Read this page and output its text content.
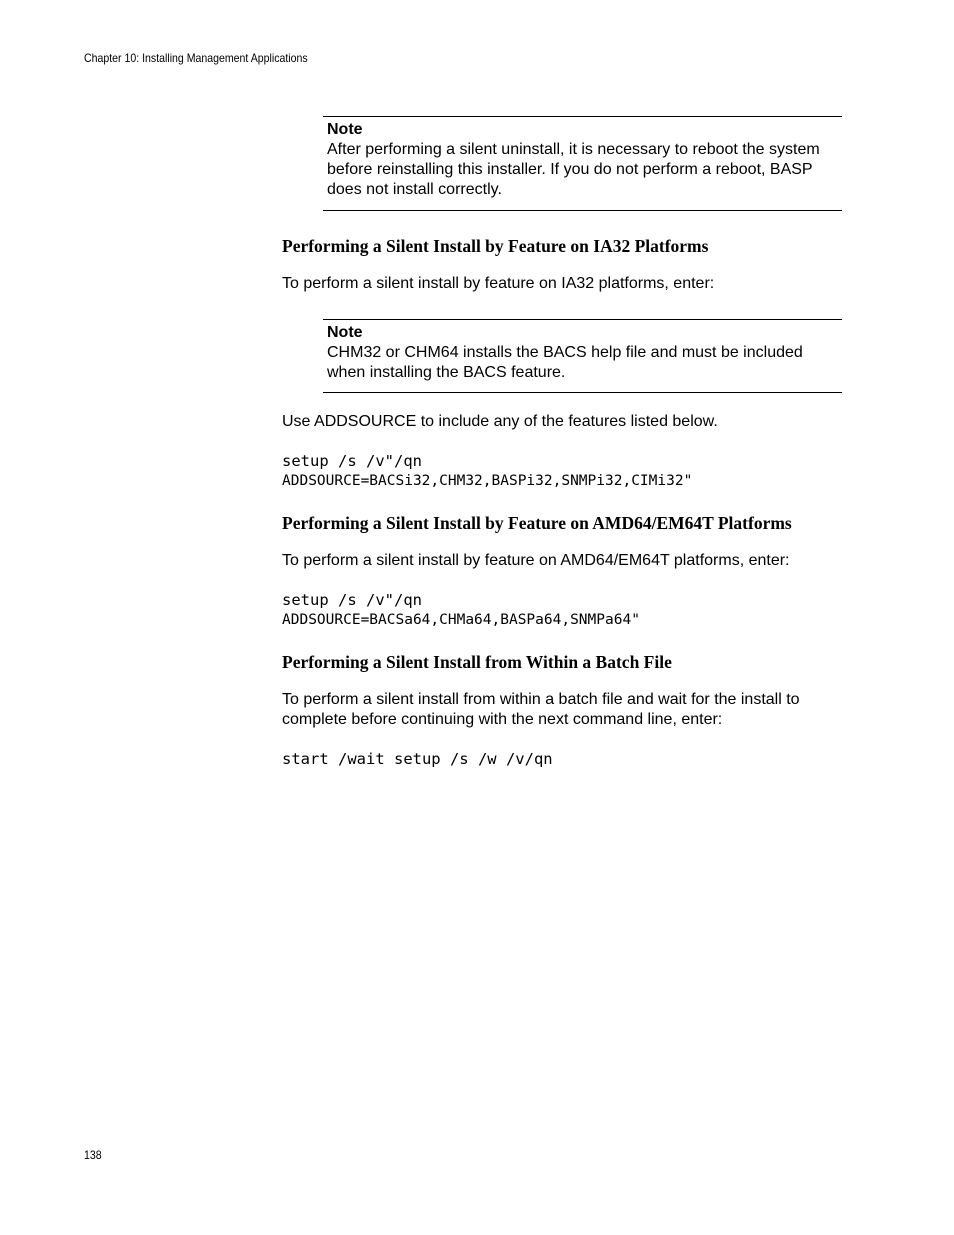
Chapter 10: Installing Management Applications
Note
After performing a silent uninstall, it is necessary to reboot the system before reinstalling this installer. If you do not perform a reboot, BASP does not install correctly.
Performing a Silent Install by Feature on IA32 Platforms
To perform a silent install by feature on IA32 platforms, enter:
Note
CHM32 or CHM64 installs the BACS help file and must be included when installing the BACS feature.
Use ADDSOURCE to include any of the features listed below.
setup /s /v"/qn
ADDSOURCE=BACSi32,CHM32,BASPi32,SNMPi32,CIMi32"
Performing a Silent Install by Feature on AMD64/EM64T Platforms
To perform a silent install by feature on AMD64/EM64T platforms, enter:
setup /s /v"/qn
ADDSOURCE=BACSa64,CHMa64,BASPa64,SNMPa64"
Performing a Silent Install from Within a Batch File
To perform a silent install from within a batch file and wait for the install to complete before continuing with the next command line, enter:
start /wait setup /s /w /v/qn
138
